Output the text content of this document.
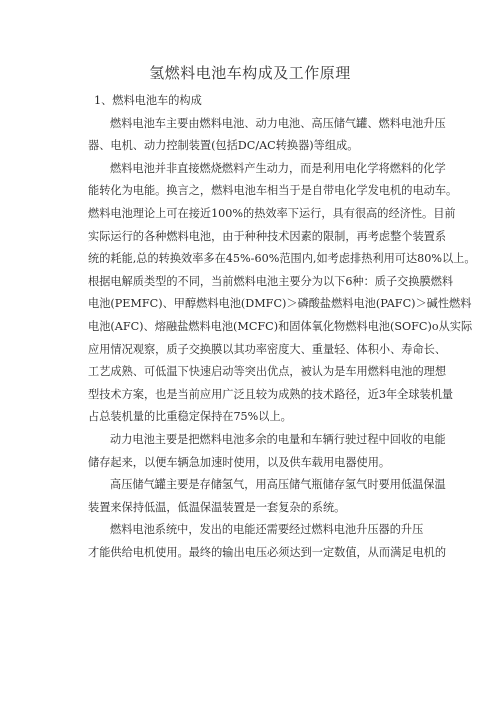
氢燃料电池车构成及工作原理
1、燃料电池车的构成
燃料电池车主要由燃料电池、动力电池、高压储气罐、燃料电池升压
器、电机、动力控制装置(包括DC/AC转换器)等组成。
燃料电池并非直接燃烧燃料产生动力，而是利用电化学将燃料的化学
能转化为电能。换言之，燃料电池车相当于是自带电化学发电机的电动车。
燃料电池理论上可在接近100%的热效率下运行，具有很高的经济性。目前
实际运行的各种燃料电池，由于种种技术因素的限制，再考虑整个装置系
统的耗能,总的转换效率多在45%-60%范围内,如考虑排热利用可达80%以上。
根据电解质类型的不同，当前燃料电池主要分为以下6种：质子交换膜燃料
电池(PEMFC)、甲醇燃料电池(DMFC)＞磷酸盐燃料电池(PAFC)＞碱性燃料
电池(AFC)、熔融盐燃料电池(MCFC)和固体氧化物燃料电池(SOFC)o从实际
应用情况观察，质子交换膜以其功率密度大、重量轻、体积小、寿命长、
工艺成熟、可低温下快速启动等突出优点，被认为是车用燃料电池的理想
型技术方案，也是当前应用广泛且较为成熟的技术路径，近3年全球装机量
占总装机量的比重稳定保持在75%以上。
动力电池主要是把燃料电池多余的电量和车辆行驶过程中回收的电能
储存起来，以便车辆急加速时使用，以及供车载用电器使用。
高压储气罐主要是存储氢气，用高压储气瓶储存氢气时要用低温保温
装置来保持低温，低温保温装置是一套复杂的系统。
燃料电池系统中，发出的电能还需要经过燃料电池升压器的升压
才能供给电机使用。最终的输出电压必须达到一定数值，从而满足电机的
